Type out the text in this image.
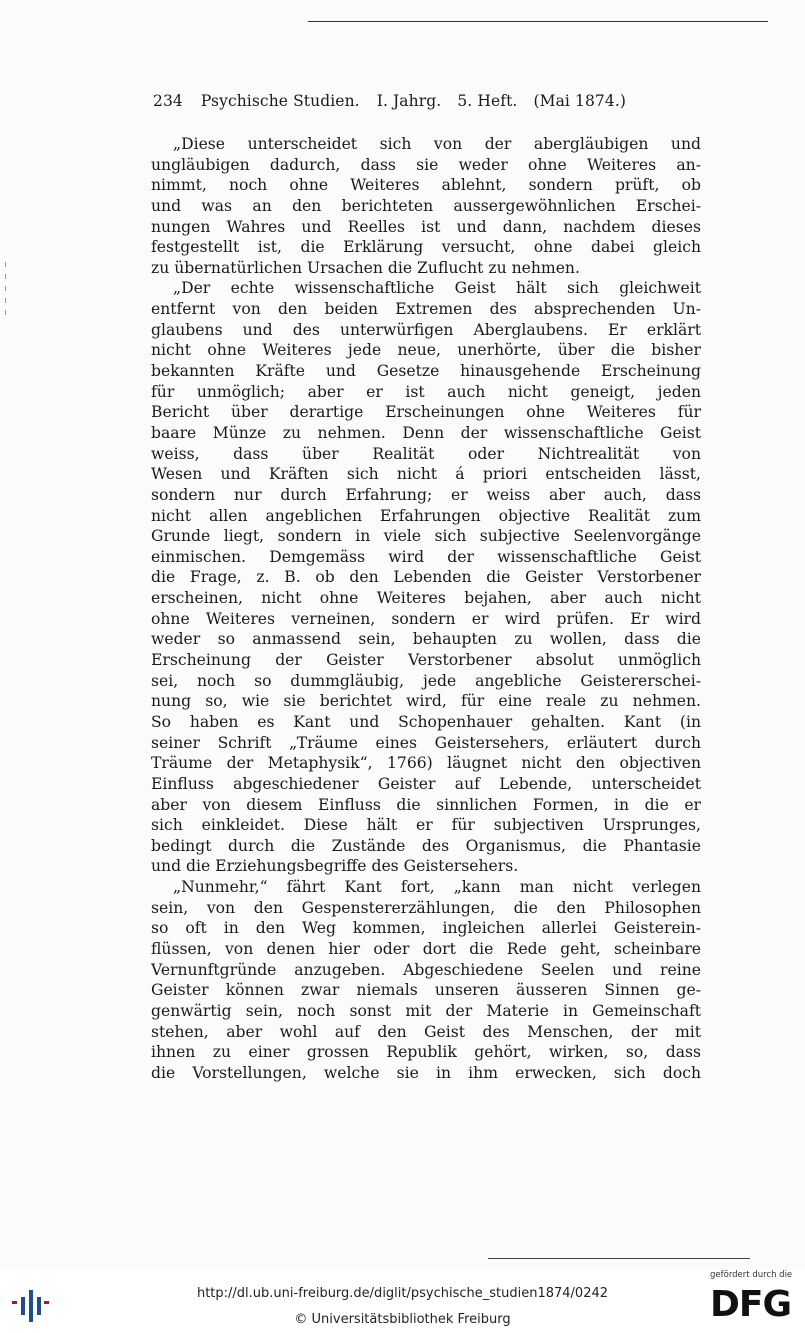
234 Psychische Studien. I. Jahrg. 5. Heft. (Mai 1874.)
„Diese unterscheidet sich von der abergläubigen und
ungläubigen dadurch, dass sie weder ohne Weiteres an-
nimmt, noch ohne Weiteres ablehnt, sondern prüft, ob
und was an den berichteten aussergewöhnlichen Erschei-
nungen Wahres und Reelles ist und dann, nachdem dieses
festgestellt ist, die Erklärung versucht, ohne dabei gleich
zu übernatürlichen Ursachen die Zuflucht zu nehmen.
„Der echte wissenschaftliche Geist hält sich gleichweit
entfernt von den beiden Extremen des absprechenden Un-
glaubens und des unterwürfigen Aberglaubens. Er erklärt
nicht ohne Weiteres jede neue, unerhörte, über die bisher
bekannten Kräfte und Gesetze hinausgehende Erscheinung
für unmöglich; aber er ist auch nicht geneigt, jeden
Bericht über derartige Erscheinungen ohne Weiteres für
baare Münze zu nehmen. Denn der wissenschaftliche Geist
weiss, dass über Realität oder Nichtrealität von
Wesen und Kräften sich nicht á priori entscheiden lässt,
sondern nur durch Erfahrung; er weiss aber auch, dass
nicht allen angeblichen Erfahrungen objective Realität zum
Grunde liegt, sondern in viele sich subjective Seelenvorgänge
einmischen. Demgemäss wird der wissenschaftliche Geist
die Frage, z. B. ob den Lebenden die Geister Verstorbener
erscheinen, nicht ohne Weiteres bejahen, aber auch nicht
ohne Weiteres verneinen, sondern er wird prüfen. Er wird
weder so anmassend sein, behaupten zu wollen, dass die
Erscheinung der Geister Verstorbener absolut unmöglich
sei, noch so dummgläubig, jede angebliche Geistererschei-
nung so, wie sie berichtet wird, für eine reale zu nehmen.
So haben es Kant und Schopenhauer gehalten. Kant (in
seiner Schrift „Träume eines Geistersehers, erläutert durch
Träume der Metaphysik“, 1766) läugnet nicht den objectiven
Einfluss abgeschiedener Geister auf Lebende, unterscheidet
aber von diesem Einfluss die sinnlichen Formen, in die er
sich einkleidet. Diese hält er für subjectiven Ursprunges,
bedingt durch die Zustände des Organismus, die Phantasie
und die Erziehungsbegriffe des Geistersehers.
„Nunmehr,“ fährt Kant fort, „kann man nicht verlegen
sein, von den Gespenstererzählungen, die den Philosophen
so oft in den Weg kommen, ingleichen allerlei Geisterein-
flüssen, von denen hier oder dort die Rede geht, scheinbare
Vernunftgründe anzugeben. Abgeschiedene Seelen und reine
Geister können zwar niemals unseren äusseren Sinnen ge-
genwärtig sein, noch sonst mit der Materie in Gemeinschaft
stehen, aber wohl auf den Geist des Menschen, der mit
ihnen zu einer grossen Republik gehört, wirken, so, dass
die Vorstellungen, welche sie in ihm erwecken, sich doch
http://dl.ub.uni-freiburg.de/diglit/psychische_studien1874/0242
© Universitätsbibliothek Freiburg
gefördert durch die
DFG
